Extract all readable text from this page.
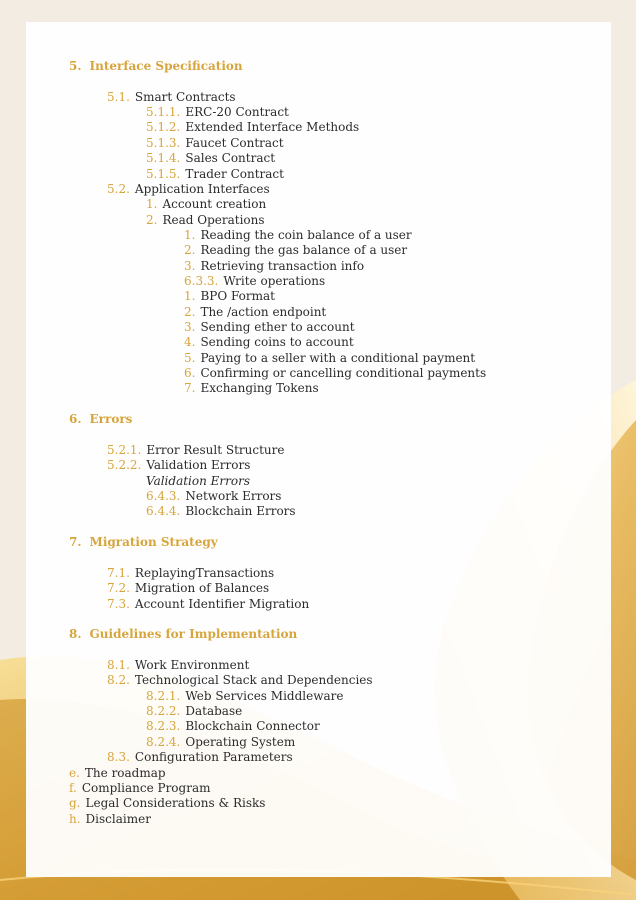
5. Interface Specification
5.1. Smart Contracts
5.1.1. ERC-20 Contract
5.1.2. Extended Interface Methods
5.1.3. Faucet Contract
5.1.4. Sales Contract
5.1.5. Trader Contract
5.2. Application Interfaces
1. Account creation
2. Read Operations
1. Reading the coin balance of a user
2. Reading the gas balance of a user
3. Retrieving transaction info
6.3.3. Write operations
1. BPO Format
2. The /action endpoint
3. Sending ether to account
4. Sending coins to account
5. Paying to a seller with a conditional payment
6. Confirming or cancelling conditional payments
7. Exchanging Tokens
6. Errors
5.2.1. Error Result Structure
5.2.2. Validation Errors
Validation Errors
6.4.3. Network Errors
6.4.4. Blockchain Errors
7. Migration Strategy
7.1. ReplayingTransactions
7.2. Migration of Balances
7.3. Account Identifier Migration
8. Guidelines for Implementation
8.1. Work Environment
8.2. Technological Stack and Dependencies
8.2.1. Web Services Middleware
8.2.2. Database
8.2.3. Blockchain Connector
8.2.4. Operating System
8.3. Configuration Parameters
e. The roadmap
f. Compliance Program
g. Legal Considerations & Risks
h. Disclaimer
